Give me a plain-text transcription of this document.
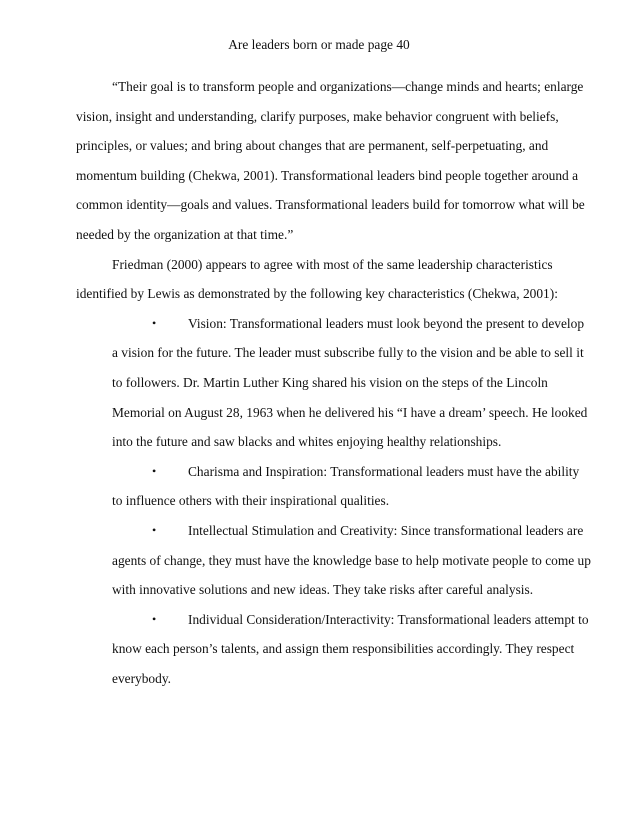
Are leaders born or made page 40

“Their goal is to transform people and organizations—change minds and hearts; enlarge

vision, insight and understanding, clarify purposes, make behavior congruent with beliefs,

principles, or values; and bring about changes that are permanent, self-perpetuating, and

momentum building (Chekwa, 2001). Transformational leaders bind people together around a

common identity—goals and values. Transformational leaders build for tomorrow what will be

needed by the organization at that time.”

Friedman (2000) appears to agree with most of the same leadership characteristics

identified by Lewis as demonstrated by the following key characteristics (Chekwa, 2001):

• Vision: Transformational leaders must look beyond the present to develop

a vision for the future. The leader must subscribe fully to the vision and be able to sell it

to followers. Dr. Martin Luther King shared his vision on the steps of the Lincoln

Memorial on August 28, 1963 when he delivered his “I have a dream’ speech. He looked

into the future and saw blacks and whites enjoying healthy relationships.

• Charisma and Inspiration: Transformational leaders must have the ability

to influence others with their inspirational qualities.

• Intellectual Stimulation and Creativity: Since transformational leaders are

agents of change, they must have the knowledge base to help motivate people to come up

with innovative solutions and new ideas. They take risks after careful analysis.

• Individual Consideration/Interactivity: Transformational leaders attempt to

know each person’s talents, and assign them responsibilities accordingly. They respect

everybody.
